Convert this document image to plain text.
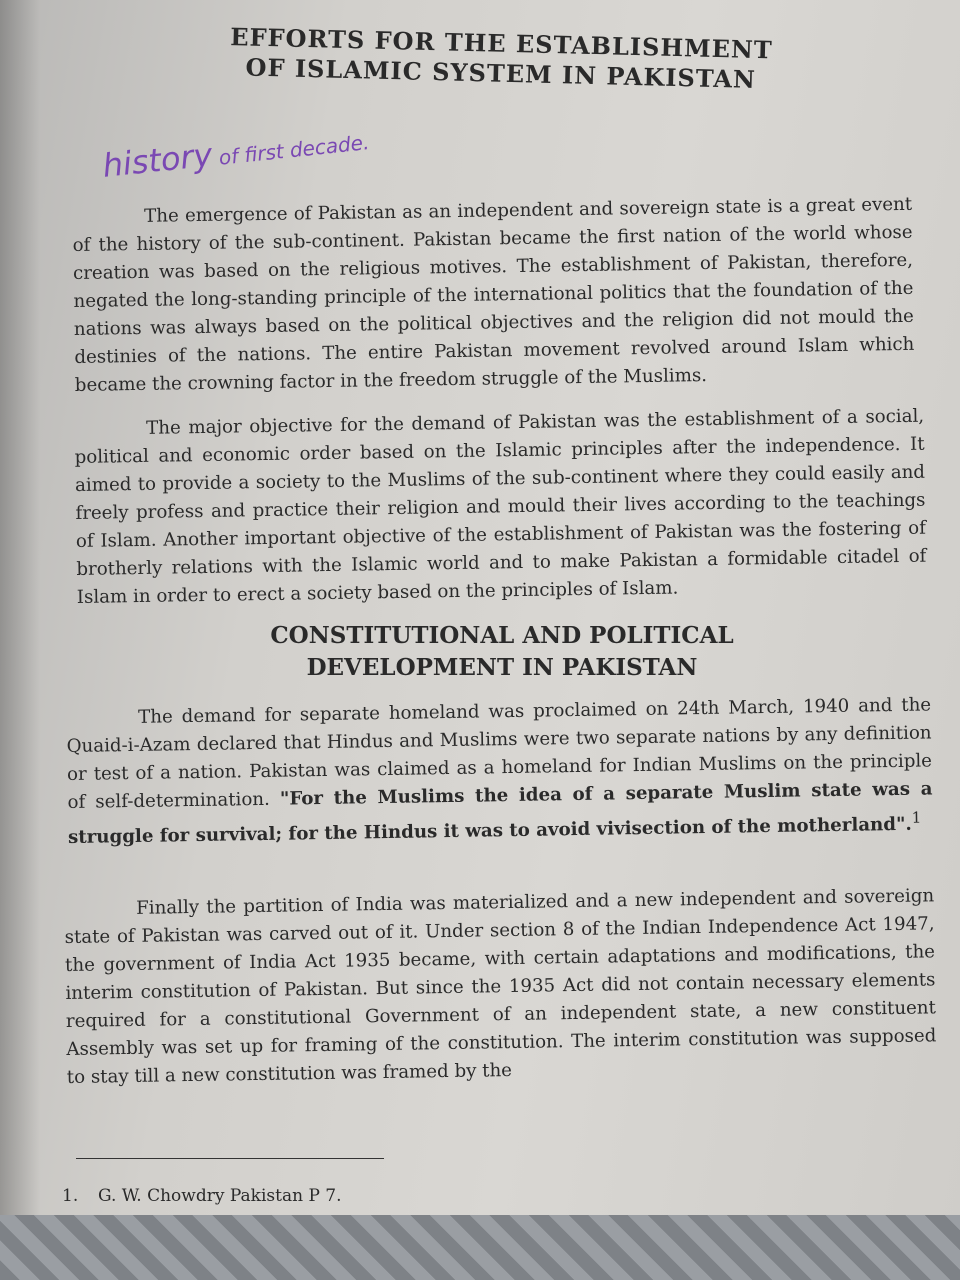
EFFORTS FOR THE ESTABLISHMENT
OF ISLAMIC SYSTEM IN PAKISTAN
history of first decade.

The emergence of Pakistan as an independent and sovereign state is a great event of the history of the sub-continent. Pakistan became the first nation of the world whose creation was based on the religious motives. The establishment of Pakistan, therefore, negated the long-standing principle of the international politics that the foundation of the nations was always based on the political objectives and the religion did not mould the destinies of the nations. The entire Pakistan movement revolved around Islam which became the crowning factor in the freedom struggle of the Muslims.

The major objective for the demand of Pakistan was the establishment of a social, political and economic order based on the Islamic principles after the independence. It aimed to provide a society to the Muslims of the sub-continent where they could easily and freely profess and practice their religion and mould their lives according to the teachings of Islam. Another important objective of the establishment of Pakistan was the fostering of brotherly relations with the Islamic world and to make Pakistan a formidable citadel of Islam in order to erect a society based on the principles of Islam.

CONSTITUTIONAL AND POLITICAL
DEVELOPMENT IN PAKISTAN

The demand for separate homeland was proclaimed on 24th March, 1940 and the Quaid-i-Azam declared that Hindus and Muslims were two separate nations by any definition or test of a nation. Pakistan was claimed as a homeland for Indian Muslims on the principle of self-determination. "For the Muslims the idea of a separate Muslim state was a struggle for survival; for the Hindus it was to avoid vivisection of the motherland".$^1$

Finally the partition of India was materialized and a new independent and sovereign state of Pakistan was carved out of it. Under section 8 of the Indian Independence Act 1947, the government of India Act 1935 became, with certain adaptations and modifications, the interim constitution of Pakistan. But since the 1935 Act did not contain necessary elements required for a constitutional Government of an independent state, a new constituent Assembly was set up for framing of the constitution. The interim constitution was supposed to stay till a new constitution was framed by the

1. G. W. Chowdry Pakistan P 7.
